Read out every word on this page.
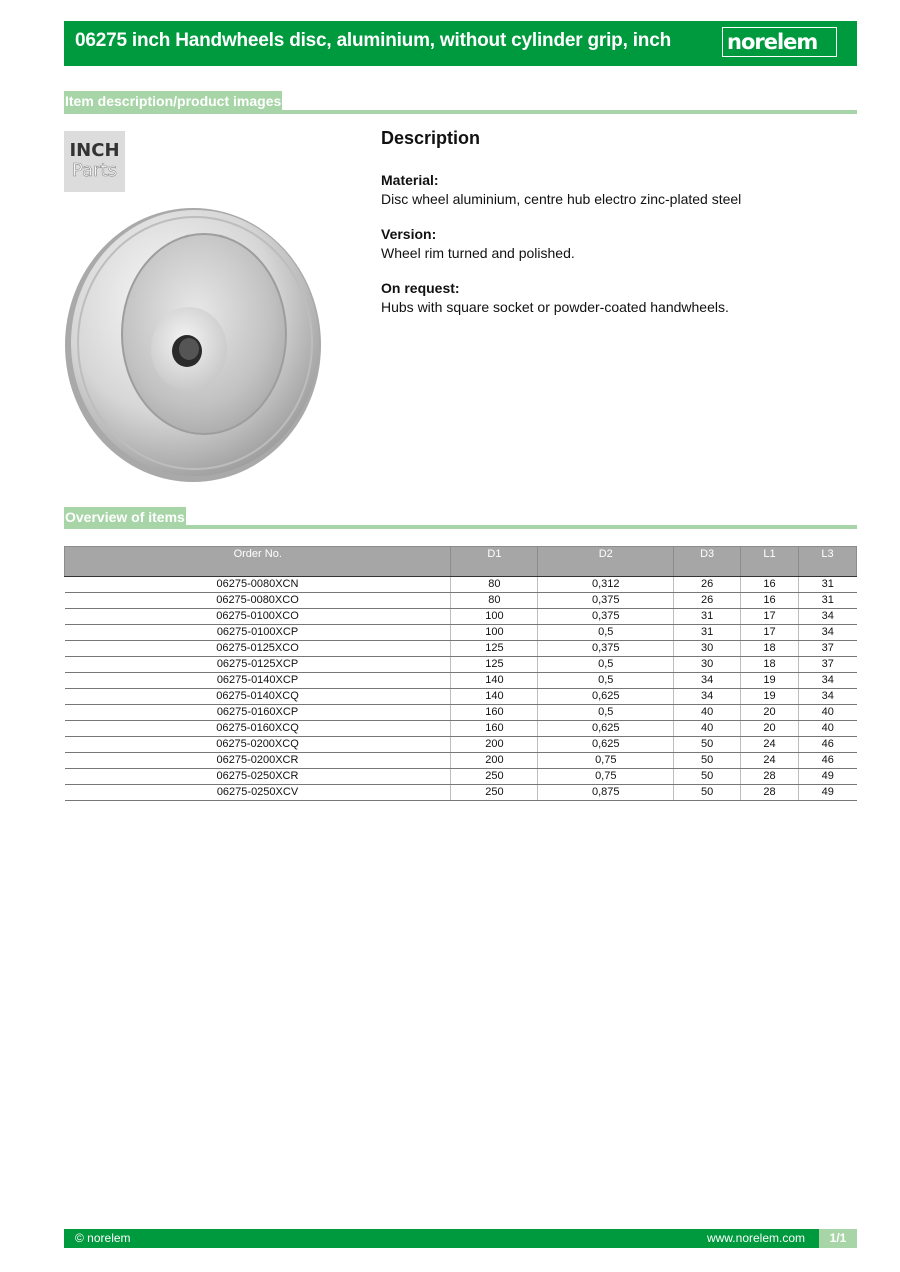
06275 inch Handwheels disc, aluminium, without cylinder grip, inch	norelem
Item description/product images
INCH
Parts
Description
Material:
Disc wheel aluminium, centre hub electro zinc-plated steel
Version:
Wheel rim turned and polished.
On request:
Hubs with square socket or powder-coated handwheels.
Overview of items
Order No.	D1	D2	D3	L1	L3
06275-0080XCN	80	0,312	26	16	31
06275-0080XCO	80	0,375	26	16	31
06275-0100XCO	100	0,375	31	17	34
06275-0100XCP	100	0,5	31	17	34
06275-0125XCO	125	0,375	30	18	37
06275-0125XCP	125	0,5	30	18	37
06275-0140XCP	140	0,5	34	19	34
06275-0140XCQ	140	0,625	34	19	34
06275-0160XCP	160	0,5	40	20	40
06275-0160XCQ	160	0,625	40	20	40
06275-0200XCQ	200	0,625	50	24	46
06275-0200XCR	200	0,75	50	24	46
06275-0250XCR	250	0,75	50	28	49
06275-0250XCV	250	0,875	50	28	49
© norelem	www.norelem.com	1/1
